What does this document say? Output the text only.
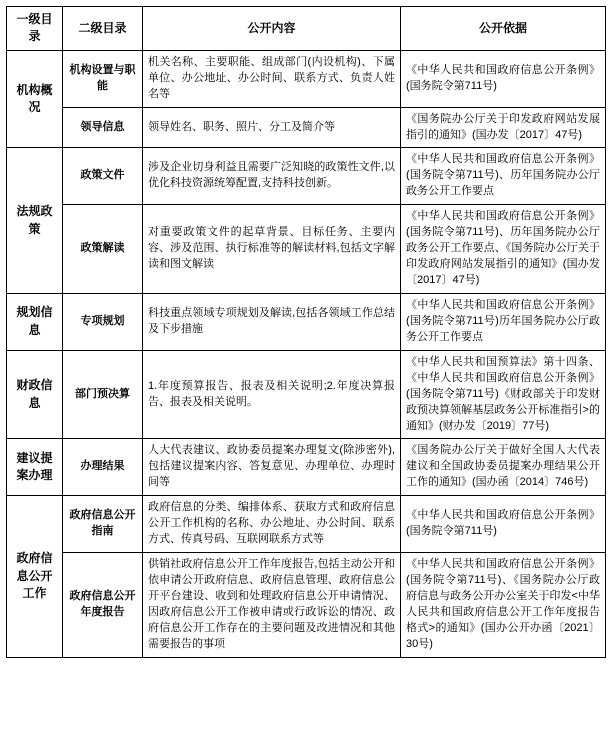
一级目录	二级目录	公开内容	公开依据
机构概况	机构设置与职能	机关名称、主要职能、组成部门(内设机构)、下属单位、办公地址、办公时间、联系方式、负责人姓名等	《中华人民共和国政府信息公开条例》(国务院令第711号)
	领导信息	领导姓名、职务、照片、分工及简介等	《国务院办公厅关于印发政府网站发展指引的通知》(国办发〔2017〕47号)
法规政策	政策文件	涉及企业切身利益且需要广泛知晓的政策性文件,以优化科技资源统筹配置,支持科技创新。	《中华人民共和国政府信息公开条例》(国务院令第711号)、历年国务院办公厅政务公开工作要点
	政策解读	对重要政策文件的起草背景、目标任务、主要内容、涉及范围、执行标准等的解读材料,包括文字解读和图文解读	《中华人民共和国政府信息公开条例》(国务院令第711号)、历年国务院办公厅政务公开工作要点、《国务院办公厅关于印发政府网站发展指引的通知》(国办发〔2017〕47号)
规划信息	专项规划	科技重点领域专项规划及解读,包括各领域工作总结及下步措施	《中华人民共和国政府信息公开条例》(国务院令第711号)历年国务院办公厅政务公开工作要点
财政信息	部门预决算	1.年度预算报告、报表及相关说明;2.年度决算报告、报表及相关说明。	《中华人民共和国预算法》第十四条、《中华人民共和国政府信息公开条例》(国务院令第711号)《财政部关于印发财政预决算领解基层政务公开标准指引>的通知》(财办发〔2019〕77号)
建议提案办理	办理结果	人大代表建议、政协委员提案办理复文(除涉密外),包括建议提案内容、答复意见、办理单位、办理时间等	《国务院办公厅关于做好全国人大代表建议和全国政协委员提案办理结果公开工作的通知》(国办函〔2014〕746号)
政府信息公开工作	政府信息公开指南	政府信息的分类、编排体系、获取方式和政府信息公开工作机构的名称、办公地址、办公时间、联系方式、传真号码、互联网联系方式等	《中华人民共和国政府信息公开条例》(国务院令第711号)
	政府信息公开年度报告	供销社政府信息公开工作年度报告,包括主动公开和依申请公开政府信息、政府信息管理、政府信息公开平台建设、收到和处理政府信息公开申请情况、因政府信息公开工作被申请或行政诉讼的情况、政府信息公开工作存在的主要问题及改进情况和其他需要报告的事项	《中华人民共和国政府信息公开条例》(国务院令第711号)、《国务院办公厅政府信息与政务公开办公室关于印发<中华人民共和国政府信息公开工作年度报告格式>的通知》(国办公开办函〔2021〕30号)
